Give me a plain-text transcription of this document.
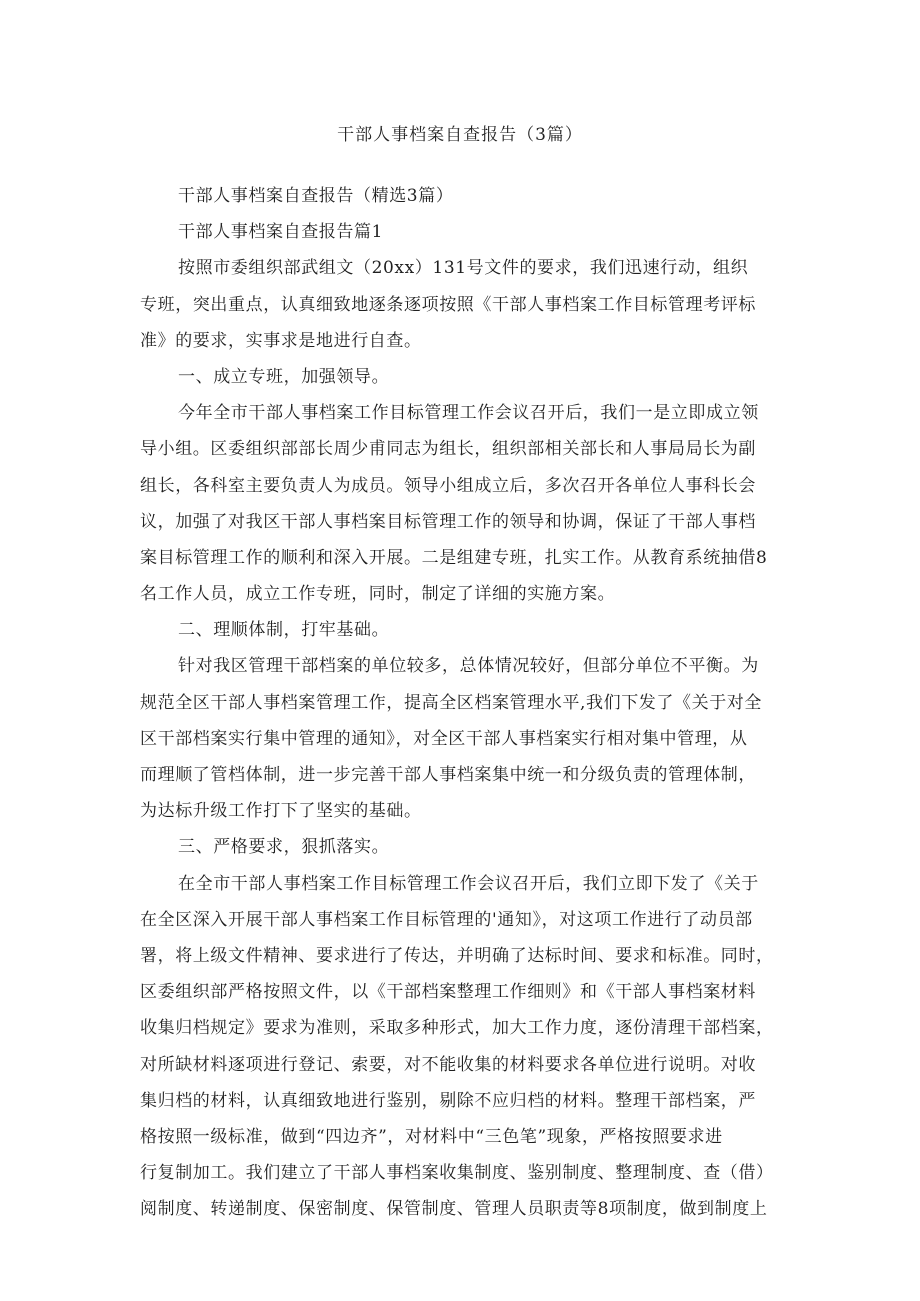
干部人事档案自查报告（3篇）

干部人事档案自查报告（精选3篇）

干部人事档案自查报告篇1

按照市委组织部武组文（20xx）131号文件的要求，我们迅速行动，组织

专班，突出重点，认真细致地逐条逐项按照《干部人事档案工作目标管理考评标

准》的要求，实事求是地进行自查。

一、成立专班，加强领导。

今年全市干部人事档案工作目标管理工作会议召开后，我们一是立即成立领

导小组。区委组织部部长周少甫同志为组长，组织部相关部长和人事局局长为副

组长，各科室主要负责人为成员。领导小组成立后，多次召开各单位人事科长会

议，加强了对我区干部人事档案目标管理工作的领导和协调，保证了干部人事档

案目标管理工作的顺利和深入开展。二是组建专班，扎实工作。从教育系统抽借8

名工作人员，成立工作专班，同时，制定了详细的实施方案。

二、理顺体制，打牢基础。

针对我区管理干部档案的单位较多，总体情况较好，但部分单位不平衡。为

规范全区干部人事档案管理工作，提高全区档案管理水平,我们下发了《关于对全

区干部档案实行集中管理的通知》，对全区干部人事档案实行相对集中管理，从

而理顺了管档体制，进一步完善干部人事档案集中统一和分级负责的管理体制，

为达标升级工作打下了坚实的基础。

三、严格要求，狠抓落实。

在全市干部人事档案工作目标管理工作会议召开后，我们立即下发了《关于

在全区深入开展干部人事档案工作目标管理的'通知》，对这项工作进行了动员部

署，将上级文件精神、要求进行了传达，并明确了达标时间、要求和标准。同时，

区委组织部严格按照文件，以《干部档案整理工作细则》和《干部人事档案材料

收集归档规定》要求为准则，采取多种形式，加大工作力度，逐份清理干部档案，

对所缺材料逐项进行登记、索要，对不能收集的材料要求各单位进行说明。对收

集归档的材料，认真细致地进行鉴别，剔除不应归档的材料。整理干部档案，严

格按照一级标准，做到“四边齐”，对材料中“三色笔”现象，严格按照要求进

行复制加工。我们建立了干部人事档案收集制度、鉴别制度、整理制度、查（借）

阅制度、转递制度、保密制度、保管制度、管理人员职责等8项制度，做到制度上
